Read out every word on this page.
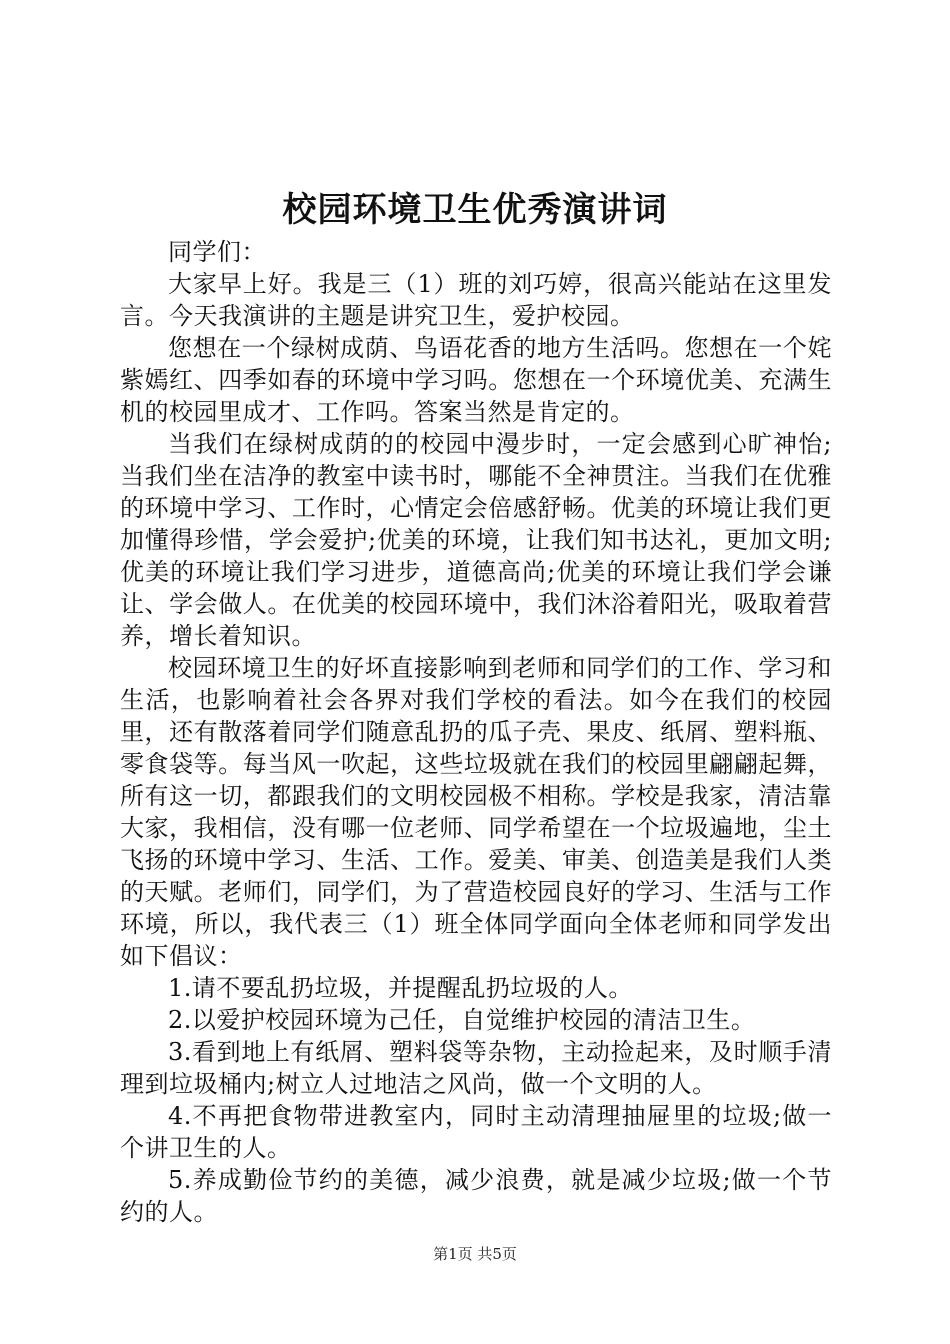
校园环境卫生优秀演讲词

同学们：

大家早上好。我是三（1）班的刘巧婷，很高兴能站在这里发言。今天我演讲的主题是讲究卫生，爱护校园。

您想在一个绿树成荫、鸟语花香的地方生活吗。您想在一个姹紫嫣红、四季如春的环境中学习吗。您想在一个环境优美、充满生机的校园里成才、工作吗。答案当然是肯定的。

当我们在绿树成荫的的校园中漫步时，一定会感到心旷神怡;当我们坐在洁净的教室中读书时，哪能不全神贯注。当我们在优雅的环境中学习、工作时，心情定会倍感舒畅。优美的环境让我们更加懂得珍惜，学会爱护;优美的环境，让我们知书达礼，更加文明;优美的环境让我们学习进步，道德高尚;优美的环境让我们学会谦让、学会做人。在优美的校园环境中，我们沐浴着阳光，吸取着营养，增长着知识。

校园环境卫生的好坏直接影响到老师和同学们的工作、学习和生活，也影响着社会各界对我们学校的看法。如今在我们的校园里，还有散落着同学们随意乱扔的瓜子壳、果皮、纸屑、塑料瓶、零食袋等。每当风一吹起，这些垃圾就在我们的校园里翩翩起舞，所有这一切，都跟我们的文明校园极不相称。学校是我家，清洁靠大家，我相信，没有哪一位老师、同学希望在一个垃圾遍地，尘土飞扬的环境中学习、生活、工作。爱美、审美、创造美是我们人类的天赋。老师们，同学们，为了营造校园良好的学习、生活与工作环境，所以，我代表三（1）班全体同学面向全体老师和同学发出如下倡议：

1.请不要乱扔垃圾，并提醒乱扔垃圾的人。

2.以爱护校园环境为己任，自觉维护校园的清洁卫生。

3.看到地上有纸屑、塑料袋等杂物，主动捡起来，及时顺手清理到垃圾桶内;树立人过地洁之风尚，做一个文明的人。

4.不再把食物带进教室内，同时主动清理抽屉里的垃圾;做一个讲卫生的人。

5.养成勤俭节约的美德，减少浪费，就是减少垃圾;做一个节约的人。

第1页 共5页
